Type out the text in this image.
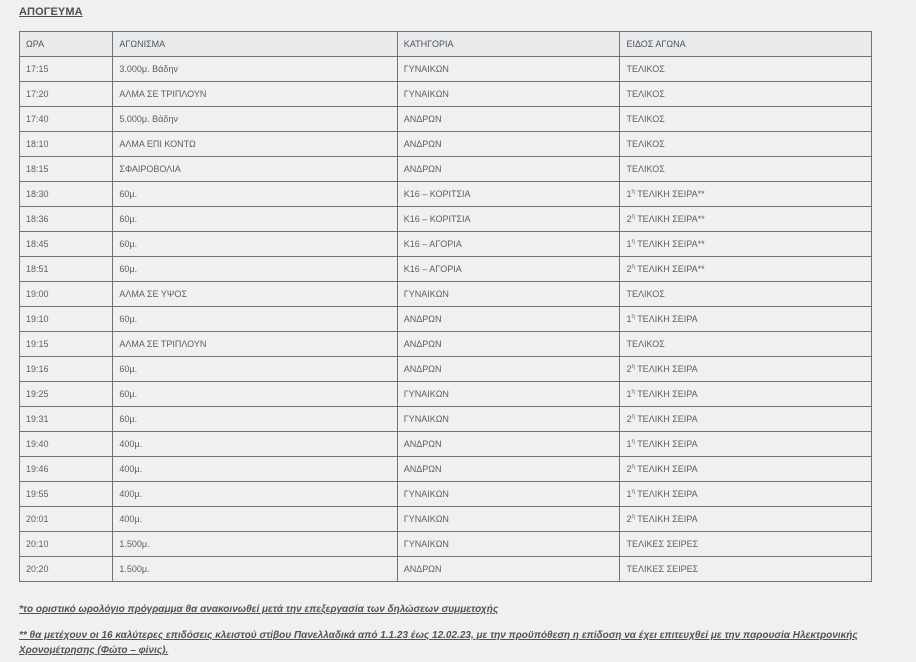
ΑΠΟΓΕΥΜΑ
ΩΡΑ	ΑΓΩΝΙΣΜΑ	ΚΑΤΗΓΟΡΙΑ	ΕΙΔΟΣ ΑΓΩΝΑ
17:15	3.000μ. Βάδην	ΓΥΝΑΙΚΩΝ	ΤΕΛΙΚΟΣ
17:20	ΑΛΜΑ ΣΕ ΤΡΙΠΛΟΥΝ	ΓΥΝΑΙΚΩΝ	ΤΕΛΙΚΟΣ
17:40	5.000μ. Βάδην	ΑΝΔΡΩΝ	ΤΕΛΙΚΟΣ
18:10	ΑΛΜΑ ΕΠΙ ΚΟΝΤΩ	ΑΝΔΡΩΝ	ΤΕΛΙΚΟΣ
18:15	ΣΦΑΙΡΟΒΟΛΙΑ	ΑΝΔΡΩΝ	ΤΕΛΙΚΟΣ
18:30	60μ.	Κ16 – ΚΟΡΙΤΣΙΑ	$1^\eta$ ΤΕΛΙΚΗ ΣΕΙΡΑ**
18:36	60μ.	Κ16 – ΚΟΡΙΤΣΙΑ	$2^\eta$ ΤΕΛΙΚΗ ΣΕΙΡΑ**
18:45	60μ.	Κ16 – ΑΓΟΡΙΑ	$1^\eta$ ΤΕΛΙΚΗ ΣΕΙΡΑ**
18:51	60μ.	Κ16 – ΑΓΟΡΙΑ	$2^\eta$ ΤΕΛΙΚΗ ΣΕΙΡΑ**
19:00	ΑΛΜΑ ΣΕ ΥΨΟΣ	ΓΥΝΑΙΚΩΝ	ΤΕΛΙΚΟΣ
19:10	60μ.	ΑΝΔΡΩΝ	$1^\eta$ ΤΕΛΙΚΗ ΣΕΙΡΑ
19:15	ΑΛΜΑ ΣΕ ΤΡΙΠΛΟΥΝ	ΑΝΔΡΩΝ	ΤΕΛΙΚΟΣ
19:16	60μ.	ΑΝΔΡΩΝ	$2^\eta$ ΤΕΛΙΚΗ ΣΕΙΡΑ
19:25	60μ.	ΓΥΝΑΙΚΩΝ	$1^\eta$ ΤΕΛΙΚΗ ΣΕΙΡΑ
19:31	60μ.	ΓΥΝΑΙΚΩΝ	$2^\eta$ ΤΕΛΙΚΗ ΣΕΙΡΑ
19:40	400μ.	ΑΝΔΡΩΝ	$1^\eta$ ΤΕΛΙΚΗ ΣΕΙΡΑ
19:46	400μ.	ΑΝΔΡΩΝ	$2^\eta$ ΤΕΛΙΚΗ ΣΕΙΡΑ
19:55	400μ.	ΓΥΝΑΙΚΩΝ	$1^\eta$ ΤΕΛΙΚΗ ΣΕΙΡΑ
20:01	400μ.	ΓΥΝΑΙΚΩΝ	$2^\eta$ ΤΕΛΙΚΗ ΣΕΙΡΑ
20:10	1.500μ.	ΓΥΝΑΙΚΩΝ	ΤΕΛΙΚΕΣ ΣΕΙΡΕΣ
20:20	1.500μ.	ΑΝΔΡΩΝ	ΤΕΛΙΚΕΣ ΣΕΙΡΕΣ
*το οριστικό ωρολόγιο πρόγραμμα θα ανακοινωθεί μετά την επεξεργασία των δηλώσεων συμμετοχής
** θα μετέχουν οι 16 καλύτερες επιδόσεις κλειστού στίβου Πανελλαδικά από 1.1.23 έως 12.02.23, με την προϋπόθεση η επίδοση να έχει επιτευχθεί με την παρουσία Ηλεκτρονικής Χρονομέτρησης (Φώτο – φίνις).
